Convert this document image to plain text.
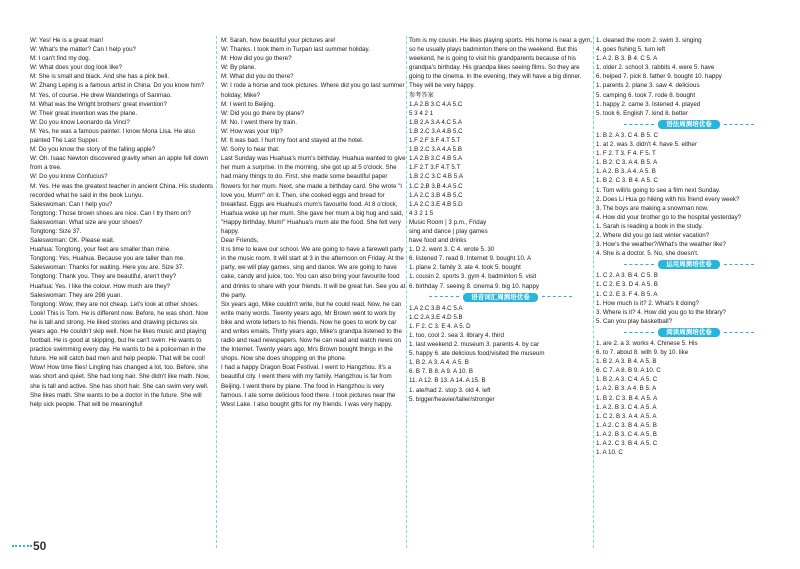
W: Yes! He is a great man!
W: What's the matter? Can I help you?
M: I can't find my dog.
W: What does your dog look like?
M: She is small and black. And she has a pink bell.
W: Zhang Leping is a famous artist in China. Do you know him?
M: Yes, of course. He drew Wanderings of Sanmao.
M: What was the Wright brothers' great invention?
W: Their great invention was the plane.
W: Do you know Leonardo da Vinci?
M: Yes, he was a famous painter. I know Mona Lisa. He also painted The Last Supper.
M: Do you know the story of the falling apple?
W: Oh. Isaac Newton discovered gravity when an apple fell down from a tree.
W: Do you know Confucius?
M: Yes. He was the greatest teacher in ancient China. His students recorded what he said in the book Lunyu.
Saleswoman: Can I help you?
Tongtong: Those brown shoes are nice. Can I try them on?
Saleswoman: What size are your shoes?
Tongtong: Size 37.
Saleswoman: OK. Please wait.
Huahua: Tongtong, your feet are smaller than mine.
Tongtong: Yes, Huahua. Because you are taller than me.
Saleswoman: Thanks for waiting. Here you are. Size 37.
Tongtong: Thank you. They are beautiful, aren't they?
Huahua: Yes. I like the colour. How much are they?
Saleswoman: They are 298 yuan.
Tongtong: Wow, they are not cheap. Let's look at other shoes.
Look! This is Tom. He is different now. Before, he was short. Now he is tall and strong. He liked stories and drawing pictures six years ago. He couldn't skip well. Now he likes music and playing football. He is good at skipping, but he can't swim. He wants to practice swimming every day. He wants to be a policeman in the future. He will catch bad men and help people. That will be cool!
Wow! How time flies! Lingling has changed a lot, too. Before, she was short and quiet. She had long hair. She didn't like math. Now, she is tall and active. She has short hair. She can swim very well. She likes math. She wants to be a doctor in the future. She will help sick people. That will be meaningful!
M: Sarah, how beautiful your pictures are!
W: Thanks. I took them in Turpan last summer holiday.
M: How did you go there?
W: By plane.
M: What did you do there?
W: I rode a horse and took pictures. Where did you go last summer holiday, Mike?
M: I went to Beijing.
W: Did you go there by plane?
M: No. I went there by train.
W: How was your trip?
M: It was bad. I hurt my foot and stayed at the hotel.
W: Sorry to hear that.
Last Sunday was Huahua's mum's birthday. Huahua wanted to give her mum a surprise. In the morning, she got up at 5 o'clock. She had many things to do. First, she made some beautiful paper flowers for her mum. Next, she made a birthday card. She wrote "I love you, Mum!" on it. Then, she cooked eggs and bread for breakfast. Eggs are Huahua's mum's favourite food. At 8 o'clock, Huahua woke up her mum. She gave her mum a big hug and said, "Happy birthday, Mum!" Huahua's mum ate the food. She felt very happy.
Dear Friends,
It is time to leave our school. We are going to have a farewell party in the music room. It will start at 3 in the afternoon on Friday. At the party, we will play games, sing and dance. We are going to have cake, candy and juice, too. You can also bring your favourite food and drinks to share with your friends. It will be great fun. See you at the party.
Six years ago, Mike couldn't write, but he could read. Now, he can write many words. Twenty years ago, Mr Brown went to work by bike and wrote letters to his friends. Now he goes to work by car and writes emails. Thirty years ago, Mike's grandpa listened to the radio and read newspapers. Now he can read and watch news on the Internet. Twenty years ago, Mrs Brown bought things in the shops. Now she does shopping on the phone.
I had a happy Dragon Boat Festival. I went to Hangzhou. It's a beautiful city. I went there with my family. Hangzhou is far from Beijing. I went there by plane. The food in Hangzhou is very famous. I ate some delicious food there. I took pictures near the West Lake. I also bought gifts for my friends. I was very happy.
Tom is my cousin. He likes playing sports. His home is near a gym, so he usually plays badminton there on the weekend. But this weekend, he is going to visit his grandparents because of his grandpa's birthday. His grandpa likes seeing films. So they are going to the cinema. In the evening, they will have a big dinner. They will be very happy.
参考答案
1.A 2.B 3.C 4.A 5.C
5 3 4 2 1
1.B 2.A 3.A 4.C 5.A
1.B 2.C 3.A 4.B 5.C
1.F 2.F 3.F 4.T 5.T
1.B 2.C 3.A 4.A 5.B
1.A 2.B 3.C 4.B 5.A
1.F 2.T 3.F 4.T 5.T
1.B 2.C 3.C 4.B 5.A
1.C 2.B 3.B 4.A 5.C
1.A 2.C 3.B 4.B 5.C
1.A 2.C 3.E 4.B 5.D
4 3 2 1 5
Music Room | 3 p.m., Friday
sing and dance | play games
have food and drinks
1. D 2. went 3. C 4. wrote 5. 30
6. listened 7. read 8. Internet 9. bought 10. A
1. plane 2. family 3. ate 4. took 5. bought
1. cousin 2. sports 3. gym 4. badminton 5. visit
6. birthday 7. seeing 8. cinema 9. big 10. happy
语音词汇周测培优卷
1.A 2.C 3.B 4.C 5.A
1.C 2.A 3.E 4.D 5.B
1. F 2. C 3. E 4. A 5. D
1. too, cool 2. sea 3. library 4. third
1. last weekend 2. museum 3. parents 4. by car
5. happy 6. ate delicious food/visited the museum
1. B 2. A 3. A 4. A 5. B
6. B 7. B 8. A 9. A 10. B
11. A 12. B 13. A 14. A 15. B
1. ate/had 2. stop 3. old 4. left
5. bigger/heavier/taller/stronger
1. cleaned the room 2. swim 3. singing
4. goes fishing 5. turn left
1. A 2. B 3. B 4. C 5. A
1. older 2. school 3. rabbits 4. were 5. have
6. helped 7. pick 8. father 9. bought 10. happy
1. parents 2. plane 3. saw 4. delicious
5. camping 6. took 7. rode 8. bought
1. happy 2. came 3. listened 4. played
5. took 6. English 7. kind 8. better
语法周测培优卷
1. B 2. A 3. C 4. B 5. C
1. at 2. was 3. didn't 4. have 5. either
1. F 2. T 3. F 4. F 5. T
1. B 2. C 3. A 4. B 5. A
1. A 2. B 3. A 4. A 5. B
1. B 2. C 3. B 4. A 5. C
1. Tom will/is going to see a film next Sunday.
2. Does Li Hua go hiking with his friend every week?
3. The boys are making a snowman now.
4. How did your brother go to the hospital yesterday?
1. Sarah is reading a book in the study.
2. Where did you go last winter vacation?
3. How's the weather?/What's the weather like?
4. She is a doctor. 5. No, she doesn't.
运用周测培优卷
1. C 2. A 3. B 4. C 5. B
1. C 2. E 3. D 4. A 5. B
1. C 2. E 3. F 4. B 5. A
1. How much is it? 2. What's it doing?
3. Where is it? 4. How did you go to the library?
5. Can you play basketball?
阅读周测培优卷
1. are 2. a 3. works 4. Chinese 5. His
6. to 7. about 8. with 9. by 10. like
1. B 2. A 3. B 4. A 5. B
6. C 7. A 8. B 9. A 10. C
1. B 2. A 3. C 4. A 5. C
1. A 2. B 3. A 4. B 5. A
1. B 2. C 3. B 4. A 5. A
1. A 2. B 3. C 4. A 5. A
1. C 2. B 3. A 4. A 5. A
1. A 2. C 3. B 4. A 5. B
1. A 2. B 3. C 4. A 5. B
1. A 2. C 3. B 4. A 5. C
1. A 10. C
50
